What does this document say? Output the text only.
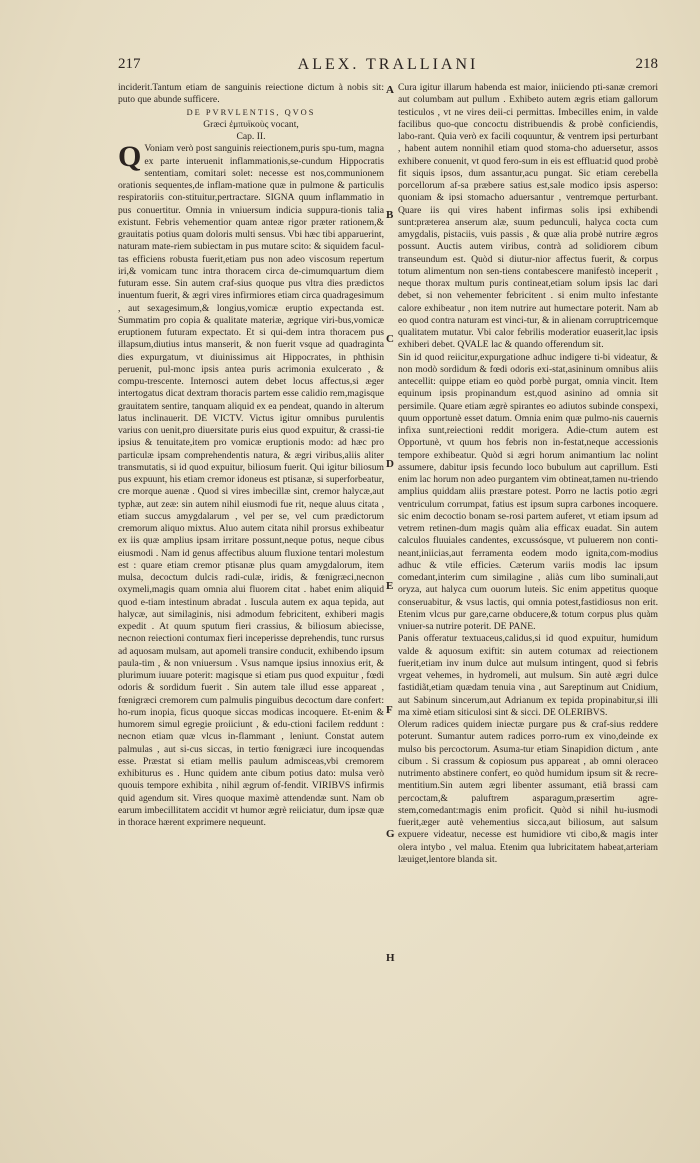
217	ALEX. TRALLIANI	218

inciderit.Tantum etiam de sanguinis reiectione dictum à nobis sit: puto que abunde sufficere.

DE PVRVLENTIS, QVOS

Græci ἐμπυϊκοὺς vocant,

Cap. II.

Q Voniam verò post sanguinis reiectionem,puris spu-tum, magna ex parte interuenit inflammationis,se-cundum Hippocratis sententiam, comitari solet: necesse est nos,communionem orationis sequentes,de inflam-matione quæ in pulmone & particulis respiratoriis con-stituitur,pertractare. SIGNA quum inflammatio in pus conuertitur. Omnia in vniuersum indicia suppura-tionis talia existunt. Febris vehementior quam anteæ rigor præter rationem,& grauitatis potius quam doloris multi sensus. Vbi hæc tibi apparuerint, naturam mate-riem subiectam in pus mutare scito: & siquidem facul-tas efficiens robusta fuerit,etiam pus non adeo viscosum repertum iri,& vomicam tunc intra thoracem circa de-cimumquartum diem futuram esse. Sin autem craf-sius quoque pus vltra dies prædictos inuentum fuerit, & ægri vires infirmiores etiam circa quadragesimum , aut sexagesimum,& longius,vomicæ eruptio expectanda est. Summatim pro copia & qualitate materiæ, ægrique viri-bus,vomicæ eruptionem futuram expectato. Et si qui-dem intra thoracem pus illapsum,diutius intus manserit, & non fuerit vsque ad quadraginta dies expurgatum, vt diuinissimus ait Hippocrates, in phthisin peruenit, pul-monc ipsis antea puris acrimonia exulcerato , & compu-trescente. Internosci autem debet locus affectus,si æger intertogatus dicat dextram thoracis partem esse calidio rem,magisque grauitatem sentire, tanquam aliquid ex ea pendeat, quando in alterum latus inclinauerit. DE VICTV. Victus igitur omnibus purulentis varius con uenit,pro diuersitate puris eius quod expuitur, & crassi-tie ipsius & tenuitate,item pro vomicæ eruptionis modo: ad hæc pro particulæ ipsam comprehendentis natura, & ægri viribus,aliis aliter transmutatis, si id quod expuitur, biliosum fuerit. Qui igitur biliosum pus expuunt, his etiam cremor idoneus est ptisanæ, si superforbeatur, cre morque auenæ . Quod si vires imbecillæ sint, cremor halycæ,aut typhæ, aut zeæ: sin autem nihil eiusmodi fue rit, neque aluus citata , etiam succus amygdalarum , vel per se, vel cum prædictorum cremorum aliquo mixtus. Aluo autem citata nihil prorsus exhibeatur ex iis quæ amplius ipsam irritare possunt,neque potus, neque cibus eiusmodi . Nam id genus affectibus aluum fluxione tentari molestum est : quare etiam cremor ptisanæ plus quam amygdalorum, item mulsa, decoctum dulcis radi-culæ, iridis, & fœnigræci,necnon oxymeli,magis quam omnia alui fluorem citat . habet enim aliquid quod e-tiam intestinum abradat . Iuscula autem ex aqua tepida, aut halycæ, aut similaginis, nisi admodum febricitent, exhiberi magis expedit . At quum sputum fieri crassius, & biliosum abiecisse, necnon reiectioni contumax fieri inceperisse deprehendis, tunc rursus ad aquosam mulsam, aut apomeli transire conducit, exhibendo ipsum paula-tim , & non vniuersum . Vsus namque ipsius innoxius erit, & plurimum iuuare poterit: magisque si etiam pus quod expuitur , fœdi odoris & sordidum fuerit . Sin autem tale illud esse appareat , fœnigræci cremorem cum palmulis pinguibus decoctum dare confert: ho-rum inopia, ficus quoque siccas modicas incoquere. Et-enim & humorem simul egregie proiiciunt , & edu-ctioni facilem reddunt : necnon etiam quæ vlcus in-flammant , leniunt. Constat autem palmulas , aut si-cus siccas, in tertio fœnigræci iure incoquendas esse. Præstat si etiam mellis paulum admisceas,vbi cremorem exhibiturus es . Hunc quidem ante cibum potius dato: mulsa verò quouis tempore exhibita , nihil ægrum of-fendit. VIRIBVS infirmis quid agendum sit. Vires quoque maximè attendendæ sunt. Nam ob earum imbecillitatem accidit vt humor ægrè reiiciatur, dum ipsæ quæ in thorace hærent exprimere nequeunt.

A
B
C
D
E
F
G
H

Cura igitur illarum habenda est maior, iniiciendo pti-sanæ cremori aut columbam aut pullum . Exhibeto autem ægris etiam gallorum testiculos , vt ne vires deii-ci permittas. Imbecilles enim, in valde facilibus quo-que concoctu distribuendis & probè conficiendis, labo-rant. Quia verò ex facili coquuntur, & ventrem ipsi perturbant , habent autem nonnihil etiam quod stoma-cho aduersetur, assos exhibere conuenit, vt quod fero-sum in eis est effluat:id quod probè fit siquis ipsos, dum assantur,acu pungat. Sic etiam cerebella porcellorum af-sa præbere satius est,sale modico ipsis asperso: quoniam & ipsi stomacho aduersantur , ventremque perturbant. Quare iis qui vires habent infirmas solis ipsi exhibendi sunt:præterea anserum alæ, suum pedunculi, halyca cocta cum amygdalis, pistaciis, vuis passis , & quæ alia probè nutrire ægros possunt. Auctis autem viribus, contrà ad solidiorem cibum transeundum est. Quòd si diutur-nior affectus fuerit, & corpus totum alimentum non sen-tiens contabescere manifestò inceperit , neque thorax multum puris contineat,etiam solum ipsis lac dari debet, si non vehementer febricitent . si enim multo infestante calore exhibeatur , non item nutrire aut humectare poterit. Nam ab eo quod contra naturam est vinci-tur, & in alienam corruptricemque qualitatem mutatur. Vbi calor febrilis moderatior euaserit,lac ipsis exhiberi debet. QVALE lac & quando offerendum sit.

Sin id quod reiicitur,expurgatione adhuc indigere ti-bi videatur, & non modò sordidum & fœdi odoris exi-stat,asininum omnibus aliis antecellit: quippe etiam eo quòd porbè purgat, omnia vincit. Item equinum ipsis propinandum est,quod asinino ad omnia sit persimile. Quare etiam ægrè spirantes eo adiutos subinde conspexi, quum opportunè esset datum. Omnia enim quæ pulmo-nis cauernis infixa sunt,reiectioni reddit morigera. Adie-ctum autem est Opportunè, vt quum hos febris non in-festat,neque accessionis tempore exhibeatur. Quòd si ægri horum animantium lac nolint assumere, dabitur ipsis fecundo loco bubulum aut caprillum. Esti enim lac horum non adeo purgantem vim obtineat,tamen nu-triendo amplius quiddam aliis præstare potest. Porro ne lactis potio ægri ventriculum corrumpat, fatius est ipsum supra carbones incoquere. sic enim decoctio bonam se-rosi partem auferet, vt etiam ipsum ad vetrem retinen-dum magis quàm alia efficax euadat. Sin autem calculos fluuiales candentes, excussósque, vt puluerem non conti-neant,iniicias,aut ferramenta eodem modo ignita,com-modius adhuc & vtile efficies. Cæterum variis modis lac ipsum comedant,interim cum similagine , aliàs cum libo suminali,aut oryza, aut halyca cum ouorum luteis. Sic enim appetitus quoque conseruabitur, & vsus lactis, qui omnia potest,fastidiosus non erit. Etenim vlcus pur gare,carne obducere,& totum corpus plus quàm vniuer-sa nutrire poterit. DE PANE.

Panis offeratur textuaceus,calidus,si id quod expuitur, humidum valde & aquosum exiftit: sin autem cotumax ad reiectionem fuerit,etiam inv inum dulce aut mulsum intingent, quod si febris vrgeat vehemes, in hydromeli, aut mulsum. Sin autè ægri dulce fastidiãt,etiam quædam tenuia vina , aut Sareptinum aut Cnidium, aut Sabinum sincerum,aut Adrianum ex tepida propinabitur,si illi ma ximè etiam siticulosi sint & sicci. DE OLERIBVS.

Olerum radices quidem iniectæ purgare pus & craf-sius reddere poterunt. Sumantur autem radices porro-rum ex vino,deinde ex mulso bis percoctorum. Asuma-tur etiam Sinapidion dictum , ante cibum . Si crassum & copiosum pus appareat , ab omni oleraceo nutrimento abstinere confert, eo quòd humidum ipsum sit & recre-mentitium.Sin autem ægri libenter assumant, etiã brassi cam percoctam,& paluftrem asparagum,præsertim agre-stem,comedant:magis enim proficit. Quòd si nihil hu-iusmodi fuerit,æger autè vehementius sicca,aut biliosum, aut salsum expuere videatur, necesse est humidiore vti cibo,& magis inter olera intybo , vel malua. Etenim qua lubricitatem habeat,arteriam læuiget,lentore blanda sit.
